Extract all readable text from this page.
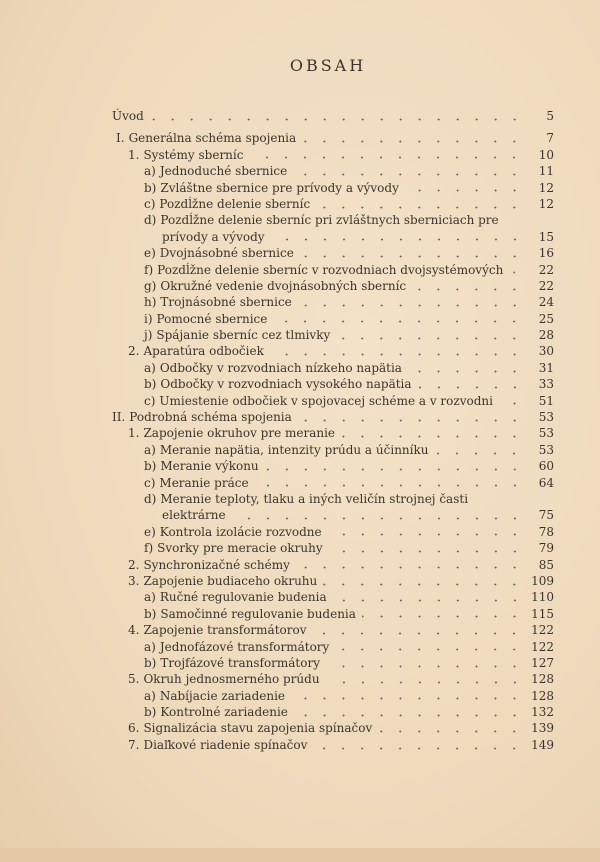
OBSAH
Úvod	5
I. Generálna schéma spojenia	7
1. Systémy sberníc	10
a) Jednoduché sbernice	11
b) Zvláštne sbernice pre prívody a vývody	12
c) Pozdĺžne delenie sberníc	12
d) Pozdĺžne delenie sberníc pri zvláštnych sberniciach pre
prívody a vývody	15
e) Dvojnásobné sbernice	16
f) Pozdĺžne delenie sberníc v rozvodniach dvojsystémových	22
g) Okružné vedenie dvojnásobných sberníc	22
h) Trojnásobné sbernice	24
i) Pomocné sbernice	25
j) Spájanie sberníc cez tlmivky	28
2. Aparatúra odbočiek	30
a) Odbočky v rozvodniach nízkeho napätia	31
b) Odbočky v rozvodniach vysokého napätia	33
c) Umiestenie odbočiek v spojovacej schéme a v rozvodni	51
II. Podrobná schéma spojenia	53
1. Zapojenie okruhov pre meranie	53
a) Meranie napätia, intenzity prúdu a účinníku	53
b) Meranie výkonu	60
c) Meranie práce	64
d) Meranie teploty, tlaku a iných veličín strojnej časti
elektrárne	75
e) Kontrola izolácie rozvodne	78
f) Svorky pre meracie okruhy	79
2. Synchronizačné schémy	85
3. Zapojenie budiaceho okruhu	109
a) Ručné regulovanie budenia	110
b) Samočinné regulovanie budenia	115
4. Zapojenie transformátorov	122
a) Jednofázové transformátory	122
b) Trojfázové transformátory	127
5. Okruh jednosmerného prúdu	128
a) Nabíjacie zariadenie	128
b) Kontrolné zariadenie	132
6. Signalizácia stavu zapojenia spínačov	139
7. Diaľkové riadenie spínačov	149
